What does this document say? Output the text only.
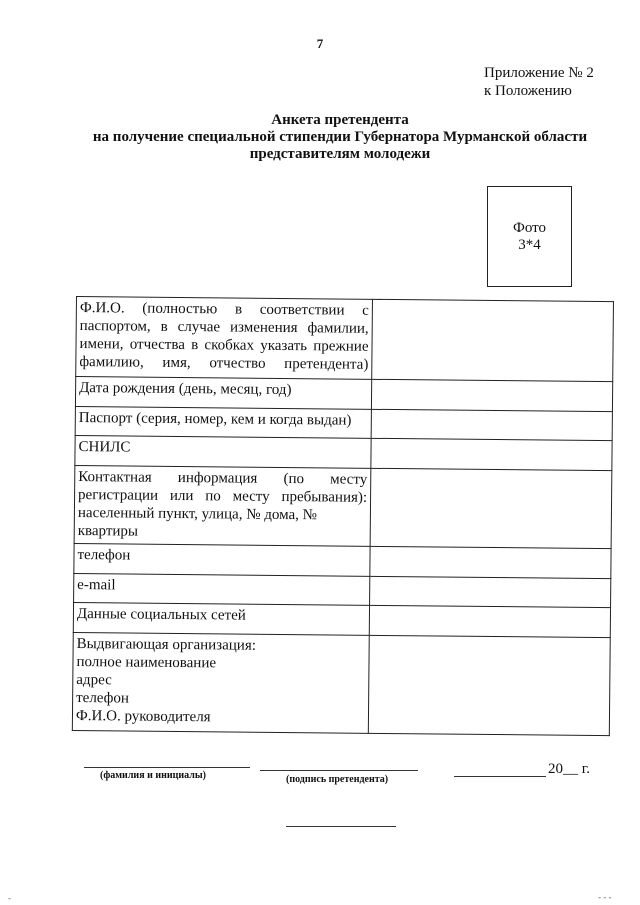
7
Приложение № 2
к Положению
Анкета претендента
на получение специальной стипендии Губернатора Мурманской области
представителям молодежи
Фото
3*4
Ф.И.О. (полностью в соответствии с паспортом, в случае изменения фамилии, имени, отчества в скобках указать прежние фамилию, имя, отчество претендента)	

Дата рождения (день, месяц, год)	
Паспорт (серия, номер, кем и когда выдан)	
СНИЛС	

Контактная информация (по месту регистрации или по месту пребывания):
населенный пункт, улица, № дома, № квартиры	

телефон	
e-mail	
Данные социальных сетей	

Выдвигающая организация:
полное наименование
адрес
телефон
Ф.И.О. руководителя	

(фамилия и инициалы)	(подпись претендента)
20__ г.
-	- - -
